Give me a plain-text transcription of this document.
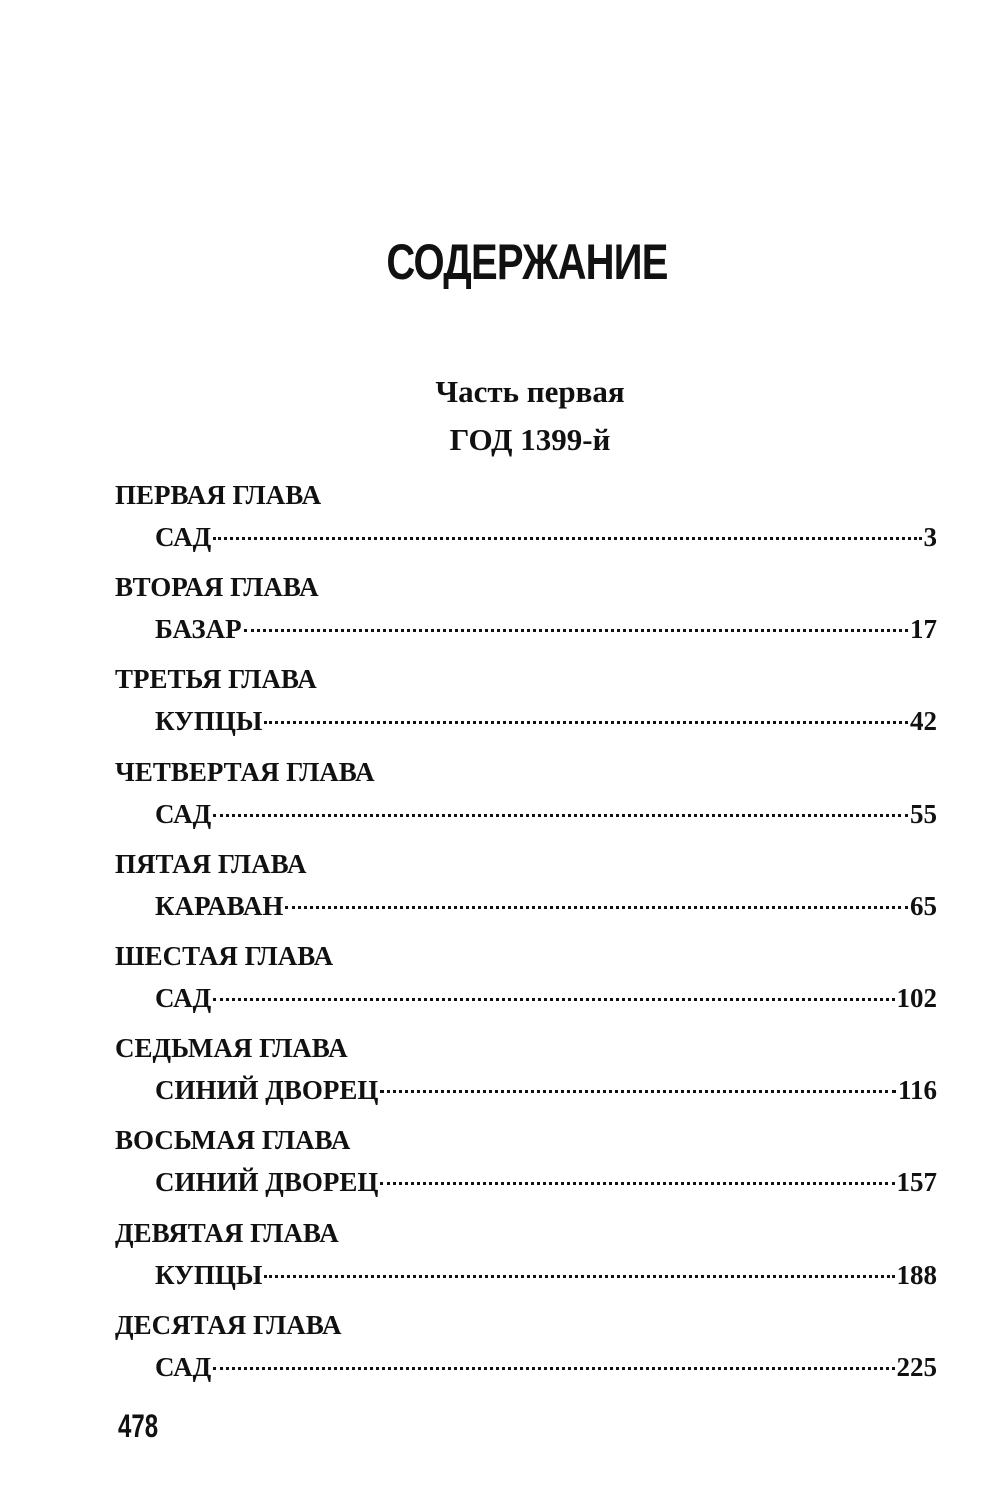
СОДЕРЖАНИЕ
Часть первая
ГОД 1399-й
ПЕРВАЯ ГЛАВА
САД	3
ВТОРАЯ ГЛАВА
БАЗАР	17
ТРЕТЬЯ ГЛАВА
КУПЦЫ	42
ЧЕТВЕРТАЯ ГЛАВА
САД	55
ПЯТАЯ ГЛАВА
КАРАВАН	65
ШЕСТАЯ ГЛАВА
САД	102
СЕДЬМАЯ ГЛАВА
СИНИЙ ДВОРЕЦ	116
ВОСЬМАЯ ГЛАВА
СИНИЙ ДВОРЕЦ	157
ДЕВЯТАЯ ГЛАВА
КУПЦЫ	188
ДЕСЯТАЯ ГЛАВА
САД	225
478
